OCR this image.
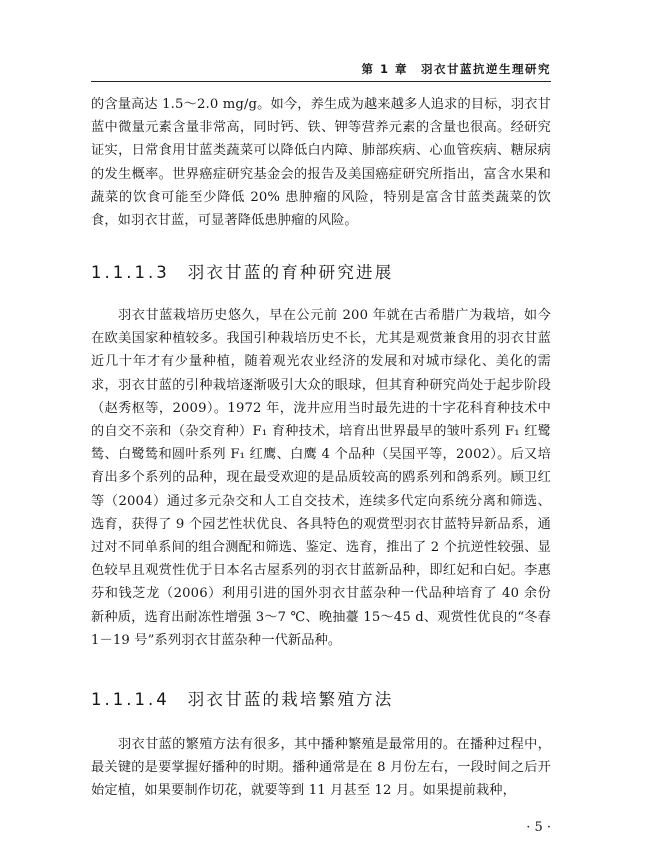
第 1 章　羽衣甘蓝抗逆生理研究

的含量高达 1.5～2.0 mg/g。如今，养生成为越来越多人追求的目标，羽衣甘蓝中微量元素含量非常高，同时钙、铁、钾等营养元素的含量也很高。经研究证实，日常食用甘蓝类蔬菜可以降低白内障、肺部疾病、心血管疾病、糖尿病的发生概率。世界癌症研究基金会的报告及美国癌症研究所指出，富含水果和蔬菜的饮食可能至少降低 20% 患肿瘤的风险，特别是富含甘蓝类蔬菜的饮食，如羽衣甘蓝，可显著降低患肿瘤的风险。

1.1.1.3 羽衣甘蓝的育种研究进展

羽衣甘蓝栽培历史悠久，早在公元前 200 年就在古希腊广为栽培，如今在欧美国家种植较多。我国引种栽培历史不长，尤其是观赏兼食用的羽衣甘蓝近几十年才有少量种植，随着观光农业经济的发展和对城市绿化、美化的需求，羽衣甘蓝的引种栽培逐渐吸引大众的眼球，但其育种研究尚处于起步阶段（赵秀枢等，2009）。1972 年，泷井应用当时最先进的十字花科育种技术中的自交不亲和（杂交育种）F₁ 育种技术，培育出世界最早的皱叶系列 F₁ 红鹭鸶、白鹭鸶和圆叶系列 F₁ 红鹰、白鹰 4 个品种（吴国平等，2002）。后又培育出多个系列的品种，现在最受欢迎的是品质较高的鸥系列和鸽系列。顾卫红等（2004）通过多元杂交和人工自交技术，连续多代定向系统分离和筛选、选育，获得了 9 个园艺性状优良、各具特色的观赏型羽衣甘蓝特异新品系，通过对不同单系间的组合测配和筛选、鉴定、选育，推出了 2 个抗逆性较强、显色较早且观赏性优于日本名古屋系列的羽衣甘蓝新品种，即红妃和白妃。李惠芬和钱芝龙（2006）利用引进的国外羽衣甘蓝杂种一代品种培育了 40 余份新种质，选育出耐冻性增强 3～7 ℃、晚抽薹 15～45 d、观赏性优良的“冬春 1－19 号”系列羽衣甘蓝杂种一代新品种。

1.1.1.4 羽衣甘蓝的栽培繁殖方法

羽衣甘蓝的繁殖方法有很多，其中播种繁殖是最常用的。在播种过程中，最关键的是要掌握好播种的时期。播种通常是在 8 月份左右，一段时间之后开始定植，如果要制作切花，就要等到 11 月甚至 12 月。如果提前栽种，

· 5 ·
